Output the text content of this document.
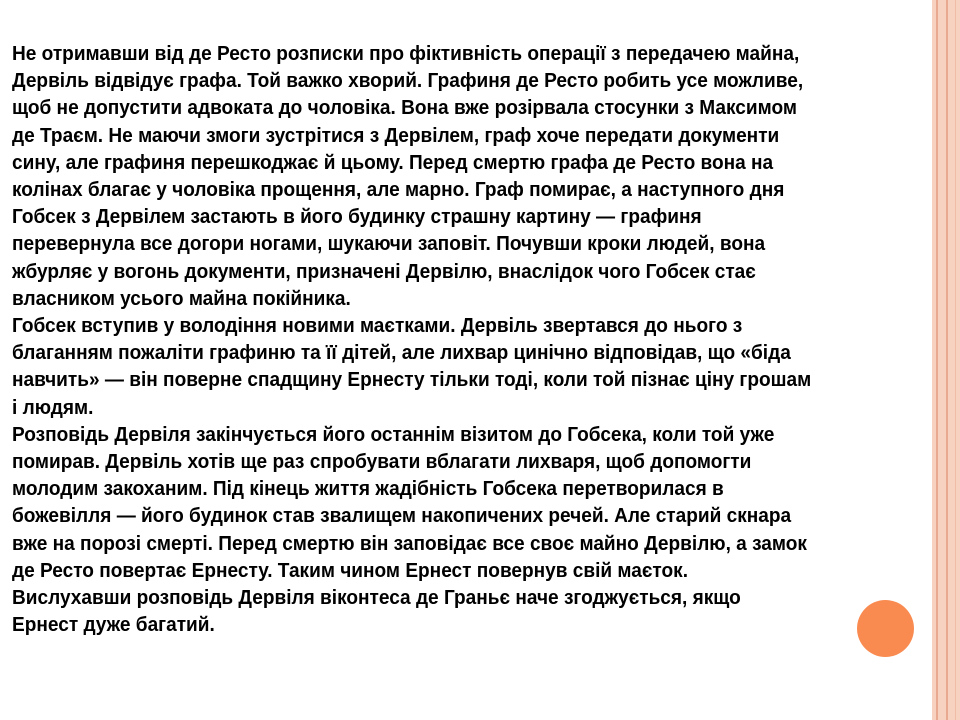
Не отримавши від де Ресто розписки про фіктивність операції з передачею майна,

Дервіль відвідує графа. Той важко хворий. Графиня де Ресто робить усе можливе,

щоб не допустити адвоката до чоловіка. Вона вже розірвала стосунки з Максимом

де Траєм. Не маючи змоги зустрітися з Дервілем, граф хоче передати документи

сину, але графиня перешкоджає й цьому. Перед смертю графа де Ресто вона на

колінах благає у чоловіка прощення, але марно. Граф помирає, а наступного дня

Гобсек з Дервілем застають в його будинку страшну картину — графиня

перевернула все догори ногами, шукаючи заповіт. Почувши кроки людей, вона

жбурляє у вогонь документи, призначені Дервілю, внаслідок чого Гобсек стає

власником усього майна покійника.

Гобсек вступив у володіння новими маєтками. Дервіль звертався до нього з

благанням пожаліти графиню та її дітей, але лихвар цинічно відповідав, що «біда

навчить» — він поверне спадщину Ернесту тільки тоді, коли той пізнає ціну грошам

і людям.

Розповідь Дервіля закінчується його останнім візитом до Гобсека, коли той уже

помирав. Дервіль хотів ще раз спробувати вблагати лихваря, щоб допомогти

молодим закоханим. Під кінець життя жадібність Гобсека перетворилася в

божевілля — його будинок став звалищем накопичених речей. Але старий скнара

вже на порозі смерті. Перед смертю він заповідає все своє майно Дервілю, а замок

де Ресто повертає Ернесту. Таким чином Ернест повернув свій маєток.

Вислухавши розповідь Дервіля віконтеса де Граньє наче згоджується, якщо

Ернест дуже багатий.
